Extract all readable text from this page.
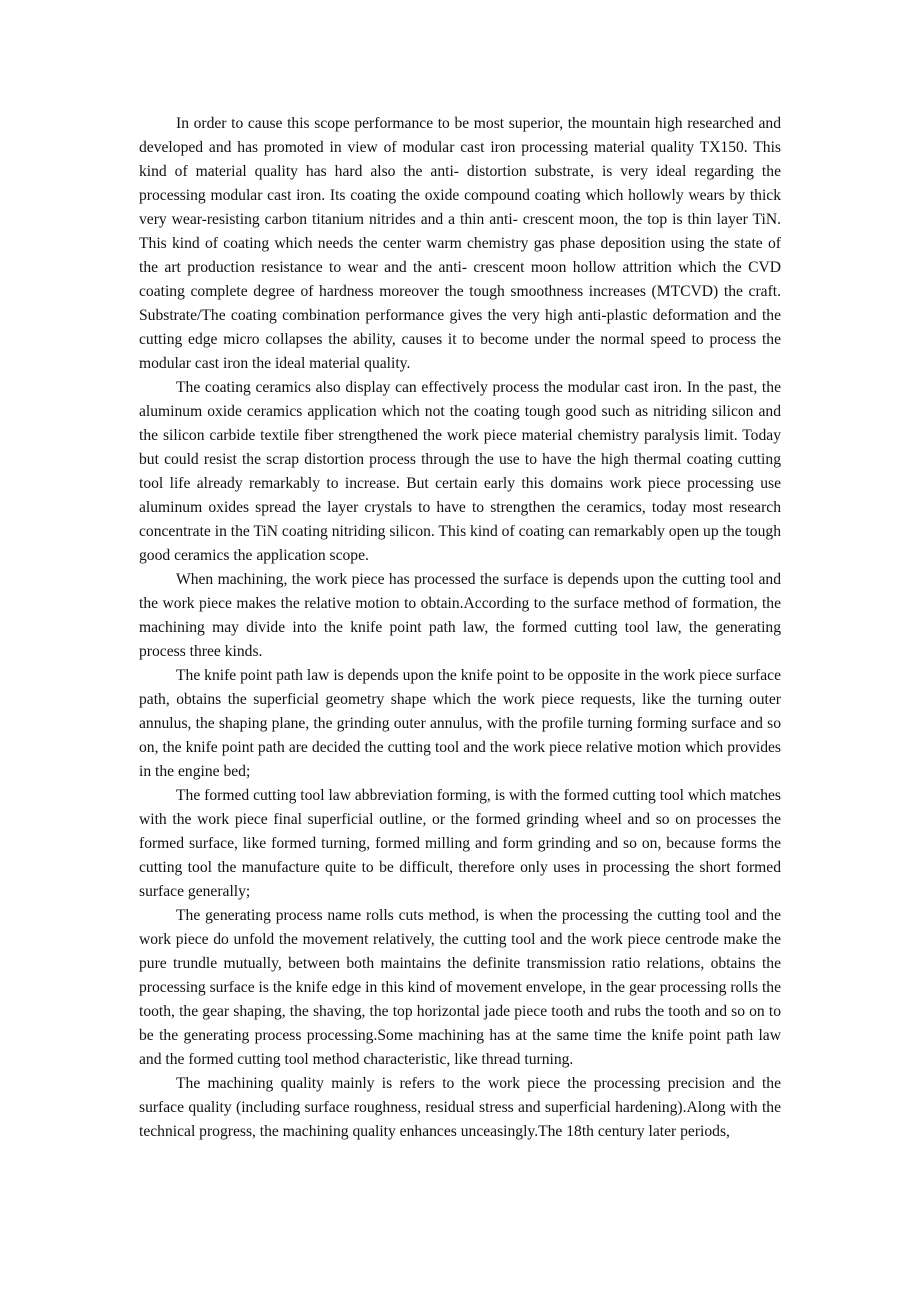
In order to cause this scope performance to be most superior, the mountain high researched and developed and has promoted in view of modular cast iron processing material quality TX150. This kind of material quality has hard also the anti- distortion substrate, is very ideal regarding the processing modular cast iron. Its coating the oxide compound coating which hollowly wears by thick very wear-resisting carbon titanium nitrides and a thin anti- crescent moon, the top is thin layer TiN. This kind of coating which needs the center warm chemistry gas phase deposition using the state of the art production resistance to wear and the anti- crescent moon hollow attrition which the CVD coating complete degree of hardness moreover the tough smoothness increases (MTCVD) the craft. Substrate/The coating combination performance gives the very high anti-plastic deformation and the cutting edge micro collapses the ability, causes it to become under the normal speed to process the modular cast iron the ideal material quality.

The coating ceramics also display can effectively process the modular cast iron. In the past, the aluminum oxide ceramics application which not the coating tough good such as nitriding silicon and the silicon carbide textile fiber strengthened the work piece material chemistry paralysis limit. Today but could resist the scrap distortion process through the use to have the high thermal coating cutting tool life already remarkably to increase. But certain early this domains work piece processing use aluminum oxides spread the layer crystals to have to strengthen the ceramics, today most research concentrate in the TiN coating nitriding silicon. This kind of coating can remarkably open up the tough good ceramics the application scope.

When machining, the work piece has processed the surface is depends upon the cutting tool and the work piece makes the relative motion to obtain.According to the surface method of formation, the machining may divide into the knife point path law, the formed cutting tool law, the generating process three kinds.

The knife point path law is depends upon the knife point to be opposite in the work piece surface path, obtains the superficial geometry shape which the work piece requests, like the turning outer annulus, the shaping plane, the grinding outer annulus, with the profile turning forming surface and so on, the knife point path are decided the cutting tool and the work piece relative motion which provides in the engine bed;

The formed cutting tool law abbreviation forming, is with the formed cutting tool which matches with the work piece final superficial outline, or the formed grinding wheel and so on processes the formed surface, like formed turning, formed milling and form grinding and so on, because forms the cutting tool the manufacture quite to be difficult, therefore only uses in processing the short formed surface generally;

The generating process name rolls cuts method, is when the processing the cutting tool and the work piece do unfold the movement relatively, the cutting tool and the work piece centrode make the pure trundle mutually, between both maintains the definite transmission ratio relations, obtains the processing surface is the knife edge in this kind of movement envelope, in the gear processing rolls the tooth, the gear shaping, the shaving, the top horizontal jade piece tooth and rubs the tooth and so on to be the generating process processing.Some machining has at the same time the knife point path law and the formed cutting tool method characteristic, like thread turning.

The machining quality mainly is refers to the work piece the processing precision and the surface quality (including surface roughness, residual stress and superficial hardening).Along with the technical progress, the machining quality enhances unceasingly.The 18th century later periods,
